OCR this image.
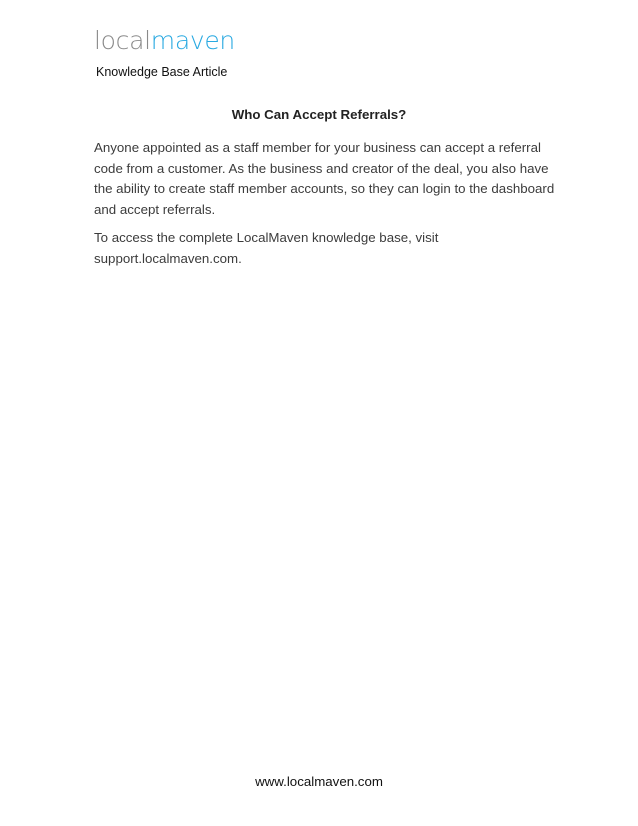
localmaven
Knowledge Base Article
Who Can Accept Referrals?

Anyone appointed as a staff member for your business can accept a referral code from a customer. As the business and creator of the deal, you also have the ability to create staff member accounts, so they can login to the dashboard and accept referrals.

To access the complete LocalMaven knowledge base, visit support.localmaven.com.

www.localmaven.com
